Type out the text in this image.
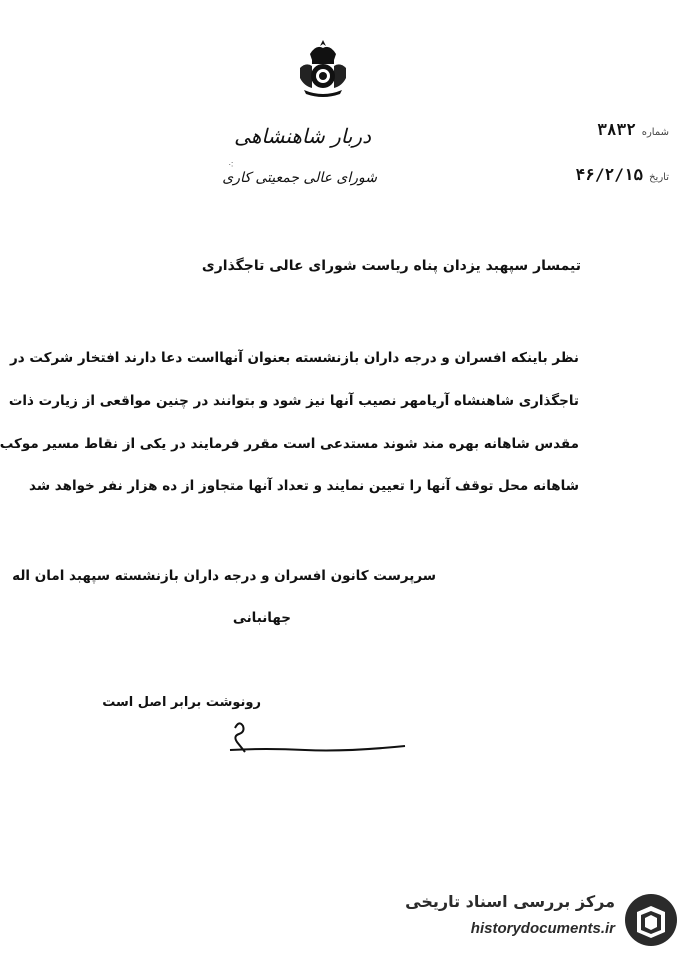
دربار شاهنشاهی
شورای عالی جمعیتی کاری
⁖
شماره
۳۸۳۲
تاریخ
۴۶/۲/۱۵
تیمسار سپهبد یزدان پناه ریاست شورای عالی تاجگذاری
نظر باینکه افسران و درجه داران بازنشسته بعنوان آنهااست دعا دارند افتخار شرکت در
تاجگذاری شاهنشاه آریامهر نصیب آنها نیز شود و بتوانند در چنین مواقعی از زیارت ذات
مقدس شاهانه بهره مند شوند مستدعی است مقرر فرمایند در یکی از نقاط مسیر موکب
شاهانه محل توقف آنها را تعیین نمایند و تعداد آنها متجاوز از ده هزار نفر خواهد شد
سرپرست کانون افسران و درجه داران بازنشسته سپهبد امان اله
جهانبانی
رونوشت برابر اصل است
مرکز بررسی اسناد تاریخی
historydocuments.ir
